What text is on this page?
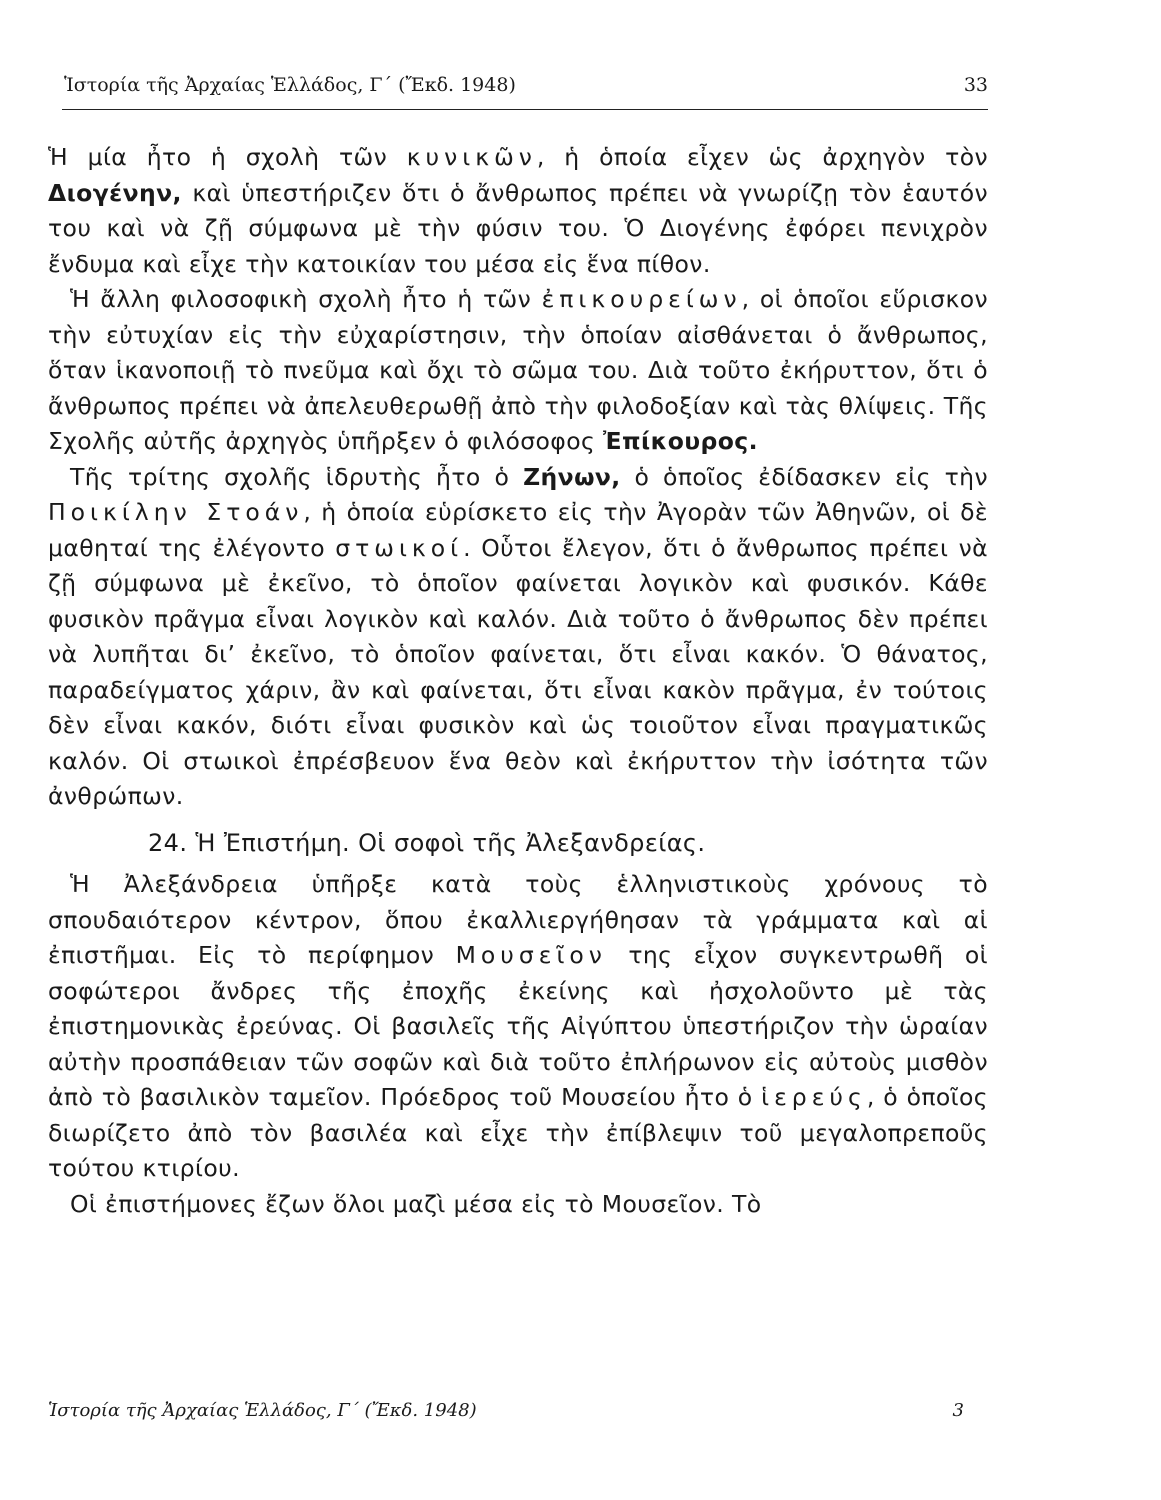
Ἱστορία τῆς Ἀρχαίας Ἑλλάδος, Γ΄ (Ἔκδ. 1948)	33

Ἡ μία ἦτο ἡ σχολὴ τῶν κυνικῶν, ἡ ὁποία εἶχεν ὡς ἀρχηγὸν τὸν Διογένην, καὶ ὑπεστήριζεν ὅτι ὁ ἄνθρωπος πρέπει νὰ γνωρίζῃ τὸν ἑαυτόν του καὶ νὰ ζῇ σύμφωνα μὲ τὴν φύσιν του. Ὁ Διογένης ἐφόρει πενιχρὸν ἔνδυμα καὶ εἶχε τὴν κατοικίαν του μέσα εἰς ἕνα πίθον.

Ἡ ἄλλη φιλοσοφικὴ σχολὴ ἦτο ἡ τῶν ἐπικουρείων, οἱ ὁποῖοι εὕρισκον τὴν εὐτυχίαν εἰς τὴν εὐχαρίστησιν, τὴν ὁποίαν αἰσθάνεται ὁ ἄνθρωπος, ὅταν ἱκανοποιῇ τὸ πνεῦμα καὶ ὄχι τὸ σῶμα του. Διὰ τοῦτο ἐκήρυττον, ὅτι ὁ ἄνθρωπος πρέπει νὰ ἀπελευθερωθῇ ἀπὸ τὴν φιλοδοξίαν καὶ τὰς θλίψεις. Τῆς Σχολῆς αὐτῆς ἀρχηγὸς ὑπῆρξεν ὁ φιλόσοφος Ἐπίκουρος.

Τῆς τρίτης σχολῆς ἱδρυτὴς ἦτο ὁ Ζήνων, ὁ ὁποῖος ἐδίδασκεν εἰς τὴν Ποικίλην Στοάν, ἡ ὁποία εὑρίσκετο εἰς τὴν Ἀγορὰν τῶν Ἀθηνῶν, οἱ δὲ μαθηταί της ἐλέγοντο στωικοί. Οὗτοι ἔλεγον, ὅτι ὁ ἄνθρωπος πρέπει νὰ ζῇ σύμφωνα μὲ ἐκεῖνο, τὸ ὁποῖον φαίνεται λογικὸν καὶ φυσικόν. Κάθε φυσικὸν πρᾶγμα εἶναι λογικὸν καὶ καλόν. Διὰ τοῦτο ὁ ἄνθρωπος δὲν πρέπει νὰ λυπῆται δι’ ἐκεῖνο, τὸ ὁποῖον φαίνεται, ὅτι εἶναι κακόν. Ὁ θάνατος, παραδείγματος χάριν, ἂν καὶ φαίνεται, ὅτι εἶναι κακὸν πρᾶγμα, ἐν τούτοις δὲν εἶναι κακόν, διότι εἶναι φυσικὸν καὶ ὡς τοιοῦτον εἶναι πραγματικῶς καλόν. Οἱ στωικοὶ ἐπρέσβευον ἕνα θεὸν καὶ ἐκήρυττον τὴν ἰσότητα τῶν ἀνθρώπων.

24. Ἡ Ἐπιστήμη. Οἱ σοφοὶ τῆς Ἀλεξανδρείας.

Ἡ Ἀλεξάνδρεια ὑπῆρξε κατὰ τοὺς ἑλληνιστικοὺς χρόνους τὸ σπουδαιότερον κέντρον, ὅπου ἐκαλλιεργήθησαν τὰ γράμματα καὶ αἱ ἐπιστῆμαι. Εἰς τὸ περίφημον Μουσεῖον της εἶχον συγκεντρωθῆ οἱ σοφώτεροι ἄνδρες τῆς ἐποχῆς ἐκείνης καὶ ἠσχολοῦντο μὲ τὰς ἐπιστημονικὰς ἐρεύνας. Οἱ βασιλεῖς τῆς Αἰγύπτου ὑπεστήριζον τὴν ὡραίαν αὐτὴν προσπάθειαν τῶν σοφῶν καὶ διὰ τοῦτο ἐπλήρωνον εἰς αὐτοὺς μισθὸν ἀπὸ τὸ βασιλικὸν ταμεῖον. Πρόεδρος τοῦ Μουσείου ἦτο ὁ ἱερεύς, ὁ ὁποῖος διωρίζετο ἀπὸ τὸν βασιλέα καὶ εἶχε τὴν ἐπίβλεψιν τοῦ μεγαλοπρεποῦς τούτου κτιρίου.

Οἱ ἐπιστήμονες ἔζων ὅλοι μαζὶ μέσα εἰς τὸ Μουσεῖον. Τὸ

Ἱστορία τῆς Ἀρχαίας Ἑλλάδος, Γ΄ (Ἔκδ. 1948)	3
